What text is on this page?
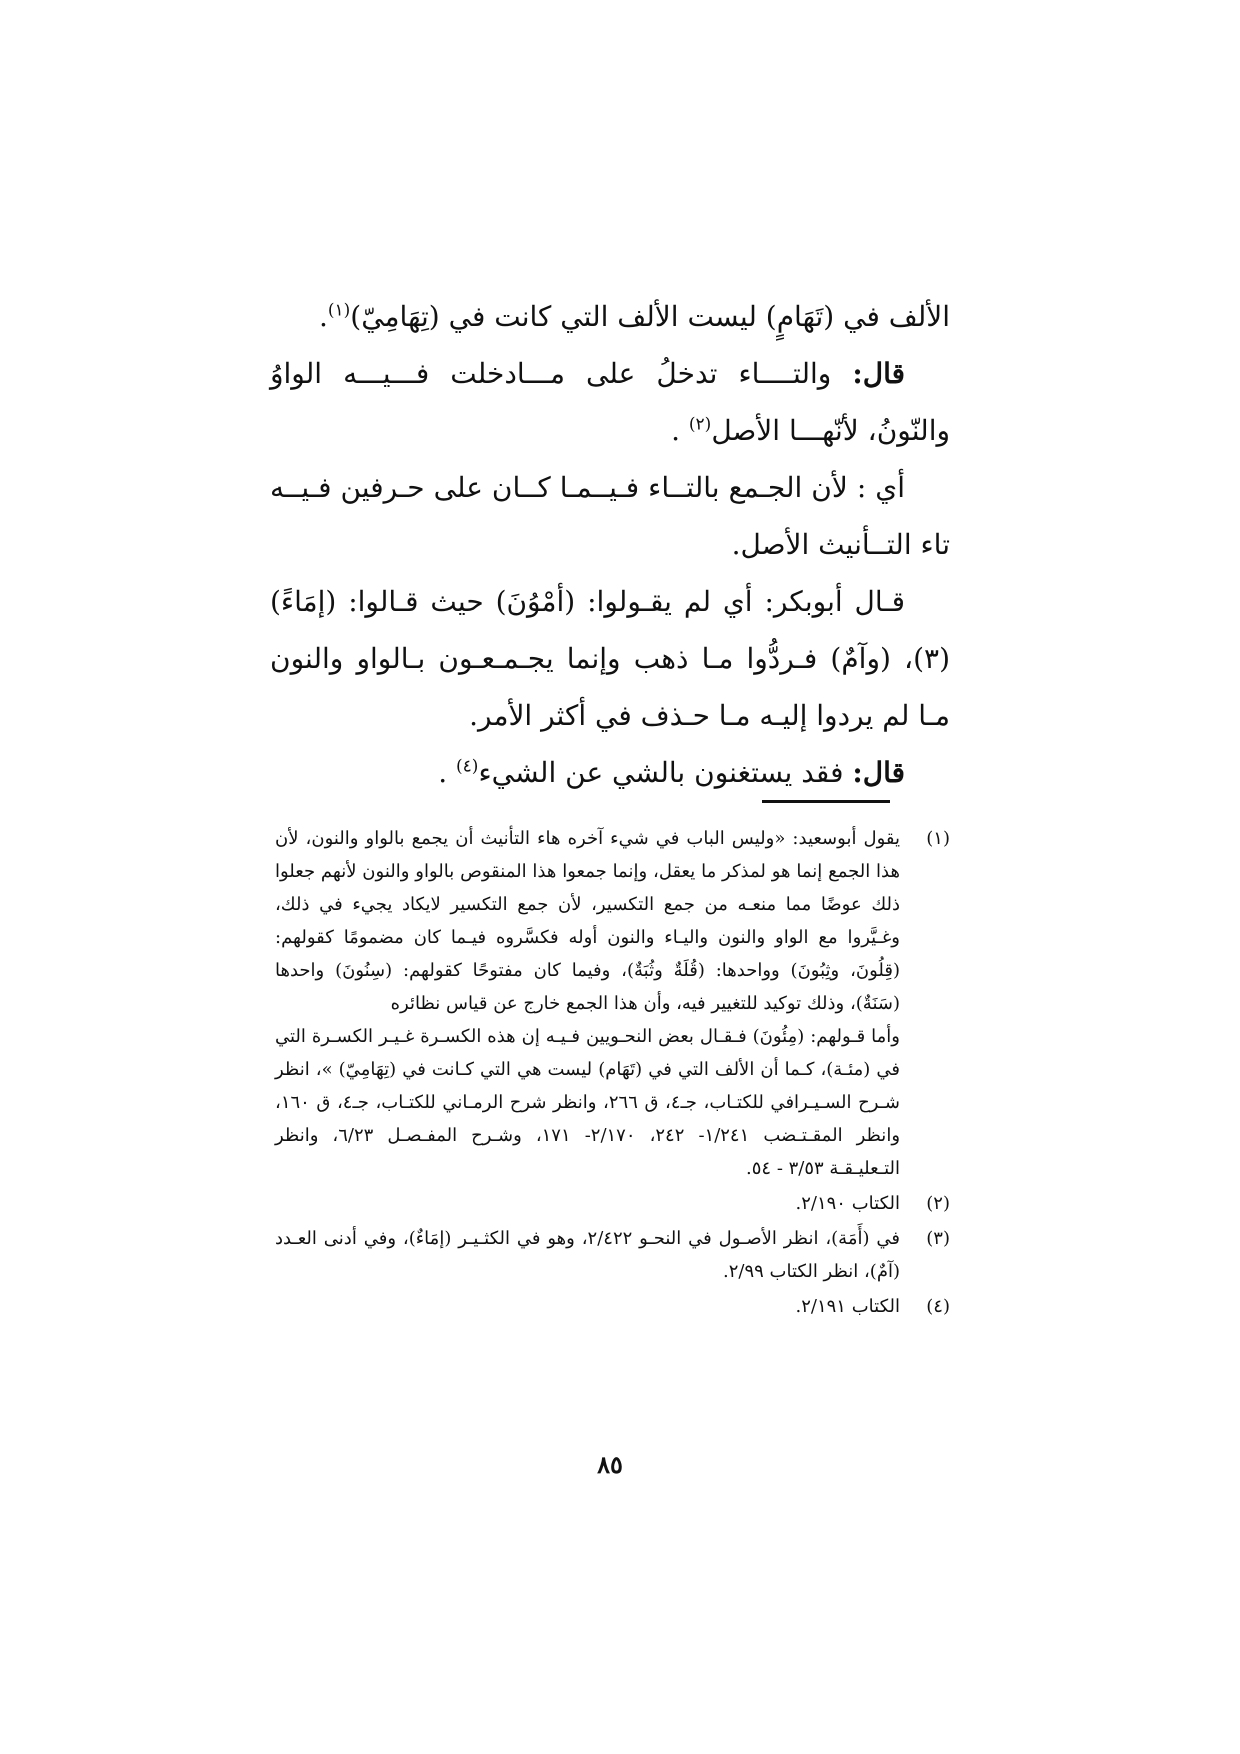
الألف في (تَهَامٍ) ليست الألف التي كانت في (تِهَامِيّ)$^{(١)}$.

قال: والتــــاء تدخلُ على مـــادخلت فـــيـــه الواوُ والنّونُ، لأنّهـــا الأصل$^{(٢)}$ .

أي : لأن الجـمع بالتــاء فـيــمـا كــان على حـرفين فـيــه تاء التــأنيث الأصل.

قـال أبوبكر: أي لم يقـولوا: (أمْوُنَ) حيث قـالوا: (إمَاءً)(٣)، (وآمٌ) فـردُّوا مـا ذهب وإنما يجـمـعـون بـالواو والنون مـا لم يردوا إليـه مـا حـذف في أكثر الأمر.

قال: فقد يستغنون بالشي عن الشيء$^{(٤)}$ .

(١)

يقول أبوسعيد: «وليس الباب في شيء آخره هاء التأنيث أن يجمع بالواو والنون، لأن هذا الجمع إنما هو لمذكر ما يعقل، وإنما جمعوا هذا المنقوص بالواو والنون لأنهم جعلوا ذلك عوضًا مما منعـه من جمع التكسير، لأن جمع التكسير لايكاد يجيء في ذلك، وغـيَّروا مع الواو والنون واليـاء والنون أوله فكسَّروه فيـما كان مضمومًا كقولهم: (قِلُونَ، وثِبُونَ) وواحدها: (قُلَةٌ وثُبَةٌ)، وفيما كان مفتوحًا كقولهم: (سِنُونَ) واحدها (سَنَةٌ)، وذلك توكيد للتغيير فيه، وأن هذا الجمع خارج عن قياس نظائره

وأما قـولهم: (مِئُونَ) فـقـال بعض النحـويين فـيـه إن هذه الكسـرة غـيـر الكسـرة التي في (مئـة)، كـما أن الألف التي في (تَهَام) ليست هي التي كـانت في (تِهَامِيّ) »، انظر شـرح السـيـرافي للكتـاب، جـ٤، ق ٢٦٦، وانظر شرح الرمـاني للكتـاب، جـ٤، ق ١٦٠، وانظر المقـتـضب ١/٢٤١- ٢٤٢، ٢/١٧٠- ١٧١، وشـرح المفـصـل ٦/٢٣، وانظر التـعليـقـة ٣/٥٣ - ٥٤.

(٢)

الكتاب ٢/١٩٠.

(٣)

في (أَمَة)، انظر الأصـول في النحـو ٢/٤٢٢، وهو في الكثـيـر (إمَاءٌ)، وفي أدنى العـدد (آمٌ)، انظر الكتاب ٢/٩٩.

(٤)

الكتاب ٢/١٩١.

٨٥
